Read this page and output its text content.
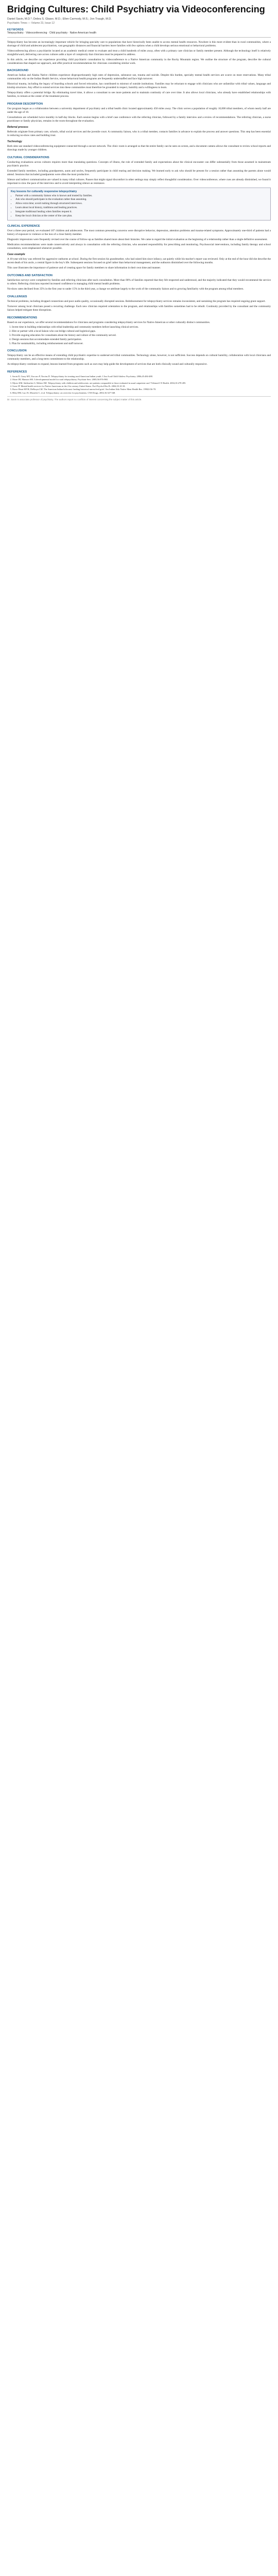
Bridging Cultures: Child Psychiatry via Videoconferencing
Daniel Savin, M.D.*; Debra S. Glaser, M.D.; Ellen Carmody, M.S.; Jon Traugh, M.D.
Psychiatric Times — Volume 23, Issue 12
KEYWORDS
Telepsychiatry · Videoconferencing · Child psychiatry · Native American health

Telepsychiatry has become an increasingly important vehicle for bringing specialty care to populations that have historically been unable to access mental health resources. Nowhere is this more evident than in rural communities, where a shortage of child and adolescent psychiatrists, vast geographic distances and financial barriers leave families with few options when a child develops serious emotional or behavioral problems.

Videoconferencing allows a psychiatrist located at an academic medical center to evaluate and treat a child hundreds of miles away, often with a primary care clinician or family member present. Although the technology itself is relatively straightforward, delivering care across cultures adds a layer of complexity that clinicians must be prepared to address.

In this article, we describe our experience providing child psychiatric consultation by videoconference to a Native American community in the Rocky Mountain region. We outline the structure of the program, describe the cultural considerations that shaped our approach, and offer practical recommendations for clinicians considering similar work.

BACKGROUND

American Indian and Alaska Native children experience disproportionately high rates of depression, substance use, trauma and suicide. Despite this burden, specialty mental health services are scarce on most reservations. Many tribal communities rely on the Indian Health Service, whose behavioral health programs are frequently understaffed and face high turnover.

Historical trauma, including the legacy of boarding schools and forced relocation, has contributed to mistrust of outside institutions. Families may be reluctant to engage with clinicians who are unfamiliar with tribal values, language and kinship structures. Any effort to extend services into these communities must therefore be grounded in respect, humility and a willingness to learn.

Telepsychiatry offers a potential bridge. By eliminating travel time, it allows a consultant to see more patients and to maintain continuity of care over time. It also allows local clinicians, who already have established relationships with families, to remain at the center of the treatment process.

PROGRAM DESCRIPTION

Our program began as a collaboration between a university department of psychiatry and a tribal health clinic located approximately 450 miles away. The clinic serves a population of roughly 10,000 tribal members, of whom nearly half are under the age of 18.

Consultations are scheduled twice monthly in half-day blocks. Each session begins with a brief case conference with the referring clinician, followed by a family interview and a review of recommendations. The referring clinician, a nurse practitioner or family physician, remains in the room throughout the evaluation.

Referral process

Referrals originate from primary care, schools, tribal social services and the juvenile court. A community liaison, who is a tribal member, contacts families in advance to explain the process and answer questions. This step has been essential in reducing no-show rates and building trust.

Technology

Both sites use standard videoconferencing equipment connected through a secure network. The clinic room is arranged so that the entire family can be seen on screen, and a document camera allows the consultant to review school reports and drawings made by younger children.

CULTURAL CONSIDERATIONS

Conducting evaluations across cultures requires more than translating questions. Concepts of illness, the role of extended family and expectations about the clinical encounter can differ substantially from those assumed in mainstream psychiatric practice.

Extended family members, including grandparents, aunts and uncles, frequently participate in child rearing and decision making. We learned early to ask who should be present for a session rather than assuming the parents alone would attend. Sessions that included grandparents were often the most productive.

Silence and indirect communication are valued in many tribal cultures. Pauses that might signal discomfort in other settings may simply reflect thoughtful consideration. Over videoconference, where cues are already diminished, we found it important to slow the pace of the interview and to avoid interpreting silence as resistance.

Key lessons for culturally responsive telepsychiatry
• Partner with a community liaison who is known and trusted by families.
• Ask who should participate in the evaluation rather than assuming.
• Allow extra time; avoid rushing through structured interviews.
• Learn about local history, traditions and healing practices.
• Integrate traditional healing when families request it.
• Keep the local clinician at the center of the care plan.
CLINICAL EXPERIENCE

Over a three-year period, we evaluated 187 children and adolescents. The most common presenting concerns were disruptive behavior, depression, attention problems and trauma-related symptoms. Approximately one-third of patients had a history of exposure to violence or the loss of a close family member.

Diagnostic impressions were frequently revised over the course of follow-up as families shared more about their histories. We came to regard the initial evaluation as the beginning of a relationship rather than a single definitive assessment.

Medication recommendations were made conservatively and always in consultation with the referring clinician, who assumed responsibility for prescribing and monitoring. Psychosocial interventions, including family therapy and school consultation, were emphasized whenever possible.

Case example

A 10-year-old boy was referred for aggressive outbursts at school. During the first session his grandmother, who had raised him since infancy, sat quietly while his teacher's report was reviewed. Only at the end of the hour did she describe the recent death of his uncle, a central figure in the boy's life. Subsequent sessions focused on grief rather than behavioral management, and the outbursts diminished over the following months.

This case illustrates the importance of patience and of creating space for family members to share information in their own time and manner.

OUTCOMES AND SATISFACTION

Satisfaction surveys were completed by families and referring clinicians after each consultation. More than 90% of families reported that they felt respected and understood, and the majority indicated that they would recommend the service to others. Referring clinicians reported increased confidence in managing child mental health problems.

No-show rates declined from 35% in the first year to under 15% in the third year, a change we attribute largely to the work of the community liaison and to growing familiarity with the program among tribal members.

CHALLENGES

Technical problems, including dropped connections and poor audio quality, occasionally disrupted sessions. Reimbursement for telepsychiatry services remains inconsistent, and sustaining the program has required ongoing grant support.

Turnover among local clinicians posed a recurring challenge. Each new clinician required orientation to the program, and relationships with families sometimes had to be rebuilt. Continuity provided by the consultant and the community liaison helped mitigate these disruptions.

RECOMMENDATIONS

Based on our experience, we offer several recommendations for clinicians and programs considering telepsychiatry services for Native American or other culturally distinct communities.

1. Invest time in building relationships with tribal leadership and community members before launching clinical services.
2. Hire or partner with a local liaison who can bridge cultural and logistical gaps.
3. Provide ongoing education for consultants about the history and culture of the community served.
4. Design sessions that accommodate extended family participation.
5. Plan for sustainability, including reimbursement and staff turnover.
CONCLUSION

Telepsychiatry can be an effective means of extending child psychiatric expertise to underserved tribal communities. Technology alone, however, is not sufficient. Success depends on cultural humility, collaboration with local clinicians and community members, and a long-term commitment to the relationship.

As telepsychiatry continues to expand, lessons learned from programs such as ours may help guide the development of services that are both clinically sound and culturally responsive.

REFERENCES
1. Savin D, Garry MT, Zuccaro P, Novins D. Telepsychiatry for treating rural American Indian youth. J Am Acad Child Adolesc Psychiatry. 2006;45:484-488.
2. Shore JH, Manson SM. A developmental model for rural telepsychiatry. Psychiatr Serv. 2005;56:976-980.
3. Myers KM, Sulzbacher S, Melzer SM. Telepsychiatry with children and adolescents: are patients comparable to those evaluated in usual outpatient care? Telemed J E Health. 2004;10:278-285.
4. Gone JP. Mental health services for Native Americans in the 21st century United States. Prof Psychol Res Pr. 2004;35:10-18.
5. Brave Heart MYH, DeBruyn LM. The American Indian holocaust: healing historical unresolved grief. Am Indian Alsk Native Ment Health Res. 1998;8:56-78.
6. Hilty DM, Luo JS, Morache C, et al. Telepsychiatry: an overview for psychiatrists. CNS Drugs. 2002;16:527-548.
Dr. Savin is associate professor of psychiatry. The authors report no conflicts of interest concerning the subject matter of this article.
